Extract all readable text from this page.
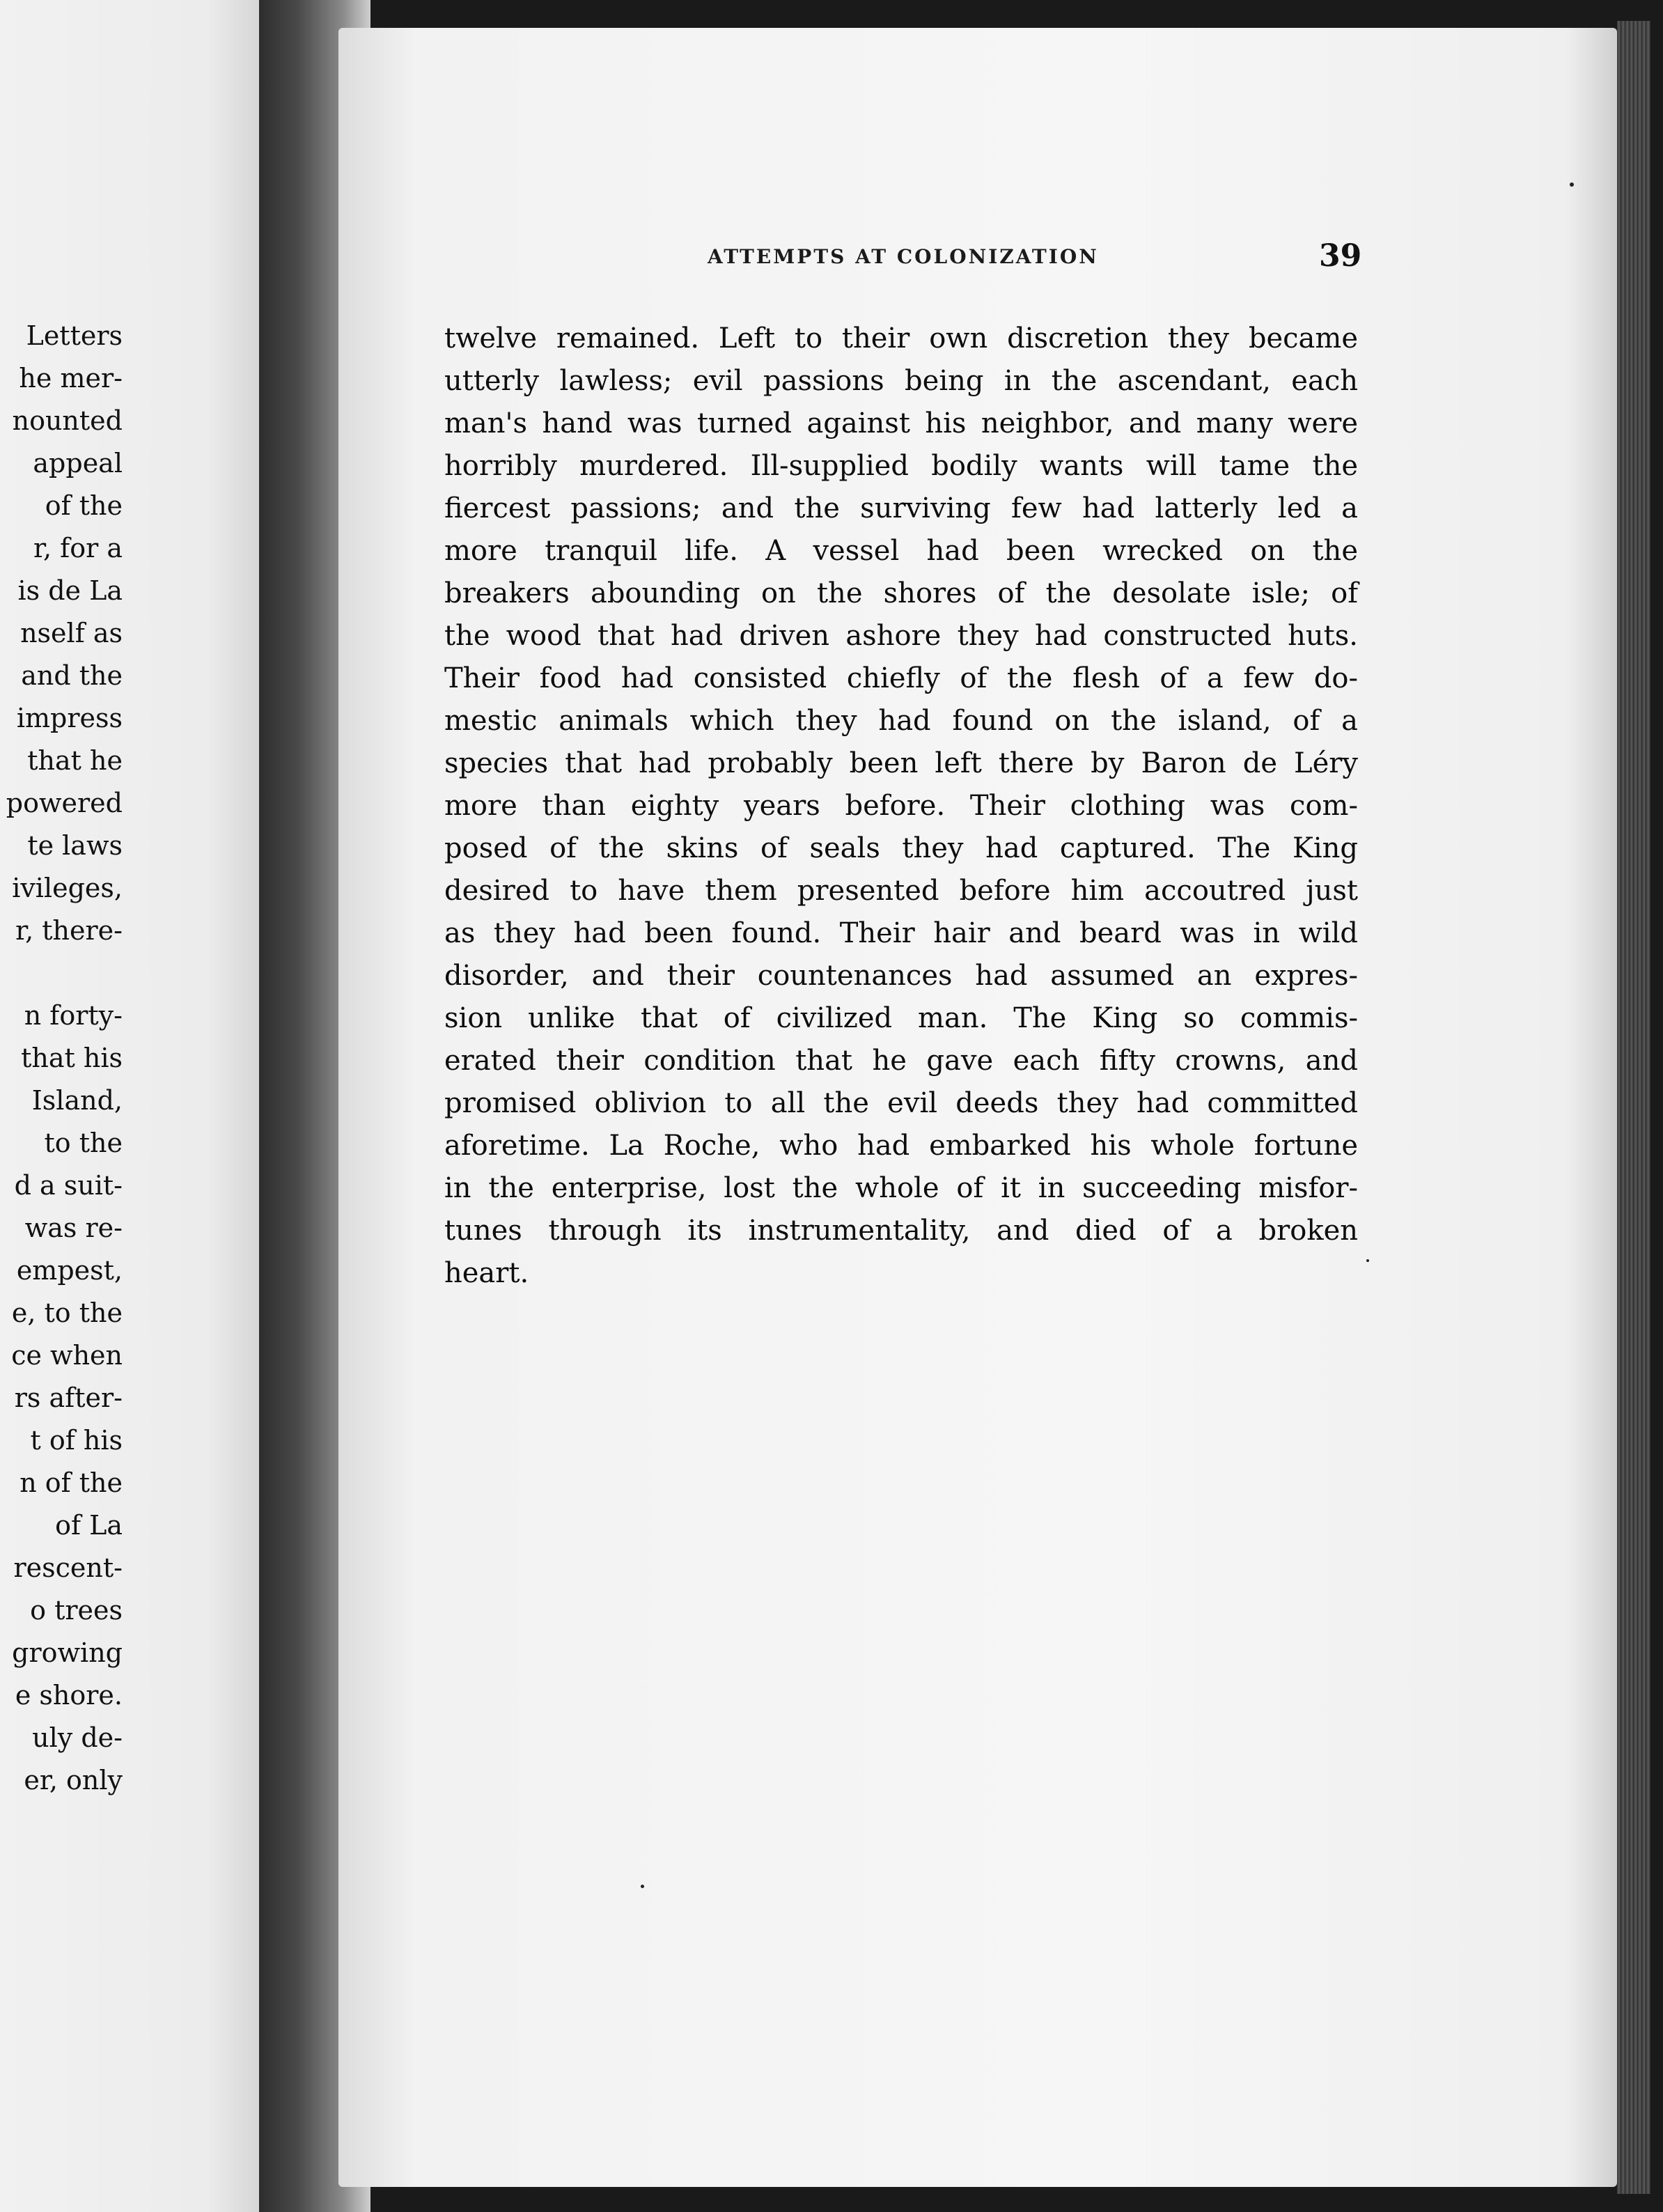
Letters
he mer-
nounted
appeal
of the
r, for a
is de La
nself as
and the
impress
that he
powered
te laws
ivileges,
r, there-
n forty-
that his
Island,
to the
d a suit-
was re-
empest,
e, to the
ce when
rs after-
t of his
n of the
of La
rescent-
o trees
growing
e shore.
uly de-
er, only
ATTEMPTS AT COLONIZATION	39
twelve remained. Left to their own discretion they became
utterly lawless; evil passions being in the ascendant, each
man's hand was turned against his neighbor, and many were
horribly murdered. Ill-supplied bodily wants will tame the
fiercest passions; and the surviving few had latterly led a
more tranquil life. A vessel had been wrecked on the
breakers abounding on the shores of the desolate isle; of
the wood that had driven ashore they had constructed huts.
Their food had consisted chiefly of the flesh of a few do-
mestic animals which they had found on the island, of a
species that had probably been left there by Baron de Léry
more than eighty years before. Their clothing was com-
posed of the skins of seals they had captured. The King
desired to have them presented before him accoutred just
as they had been found. Their hair and beard was in wild
disorder, and their countenances had assumed an expres-
sion unlike that of civilized man. The King so commis-
erated their condition that he gave each fifty crowns, and
promised oblivion to all the evil deeds they had committed
aforetime. La Roche, who had embarked his whole fortune
in the enterprise, lost the whole of it in succeeding misfor-
tunes through its instrumentality, and died of a broken
heart.
